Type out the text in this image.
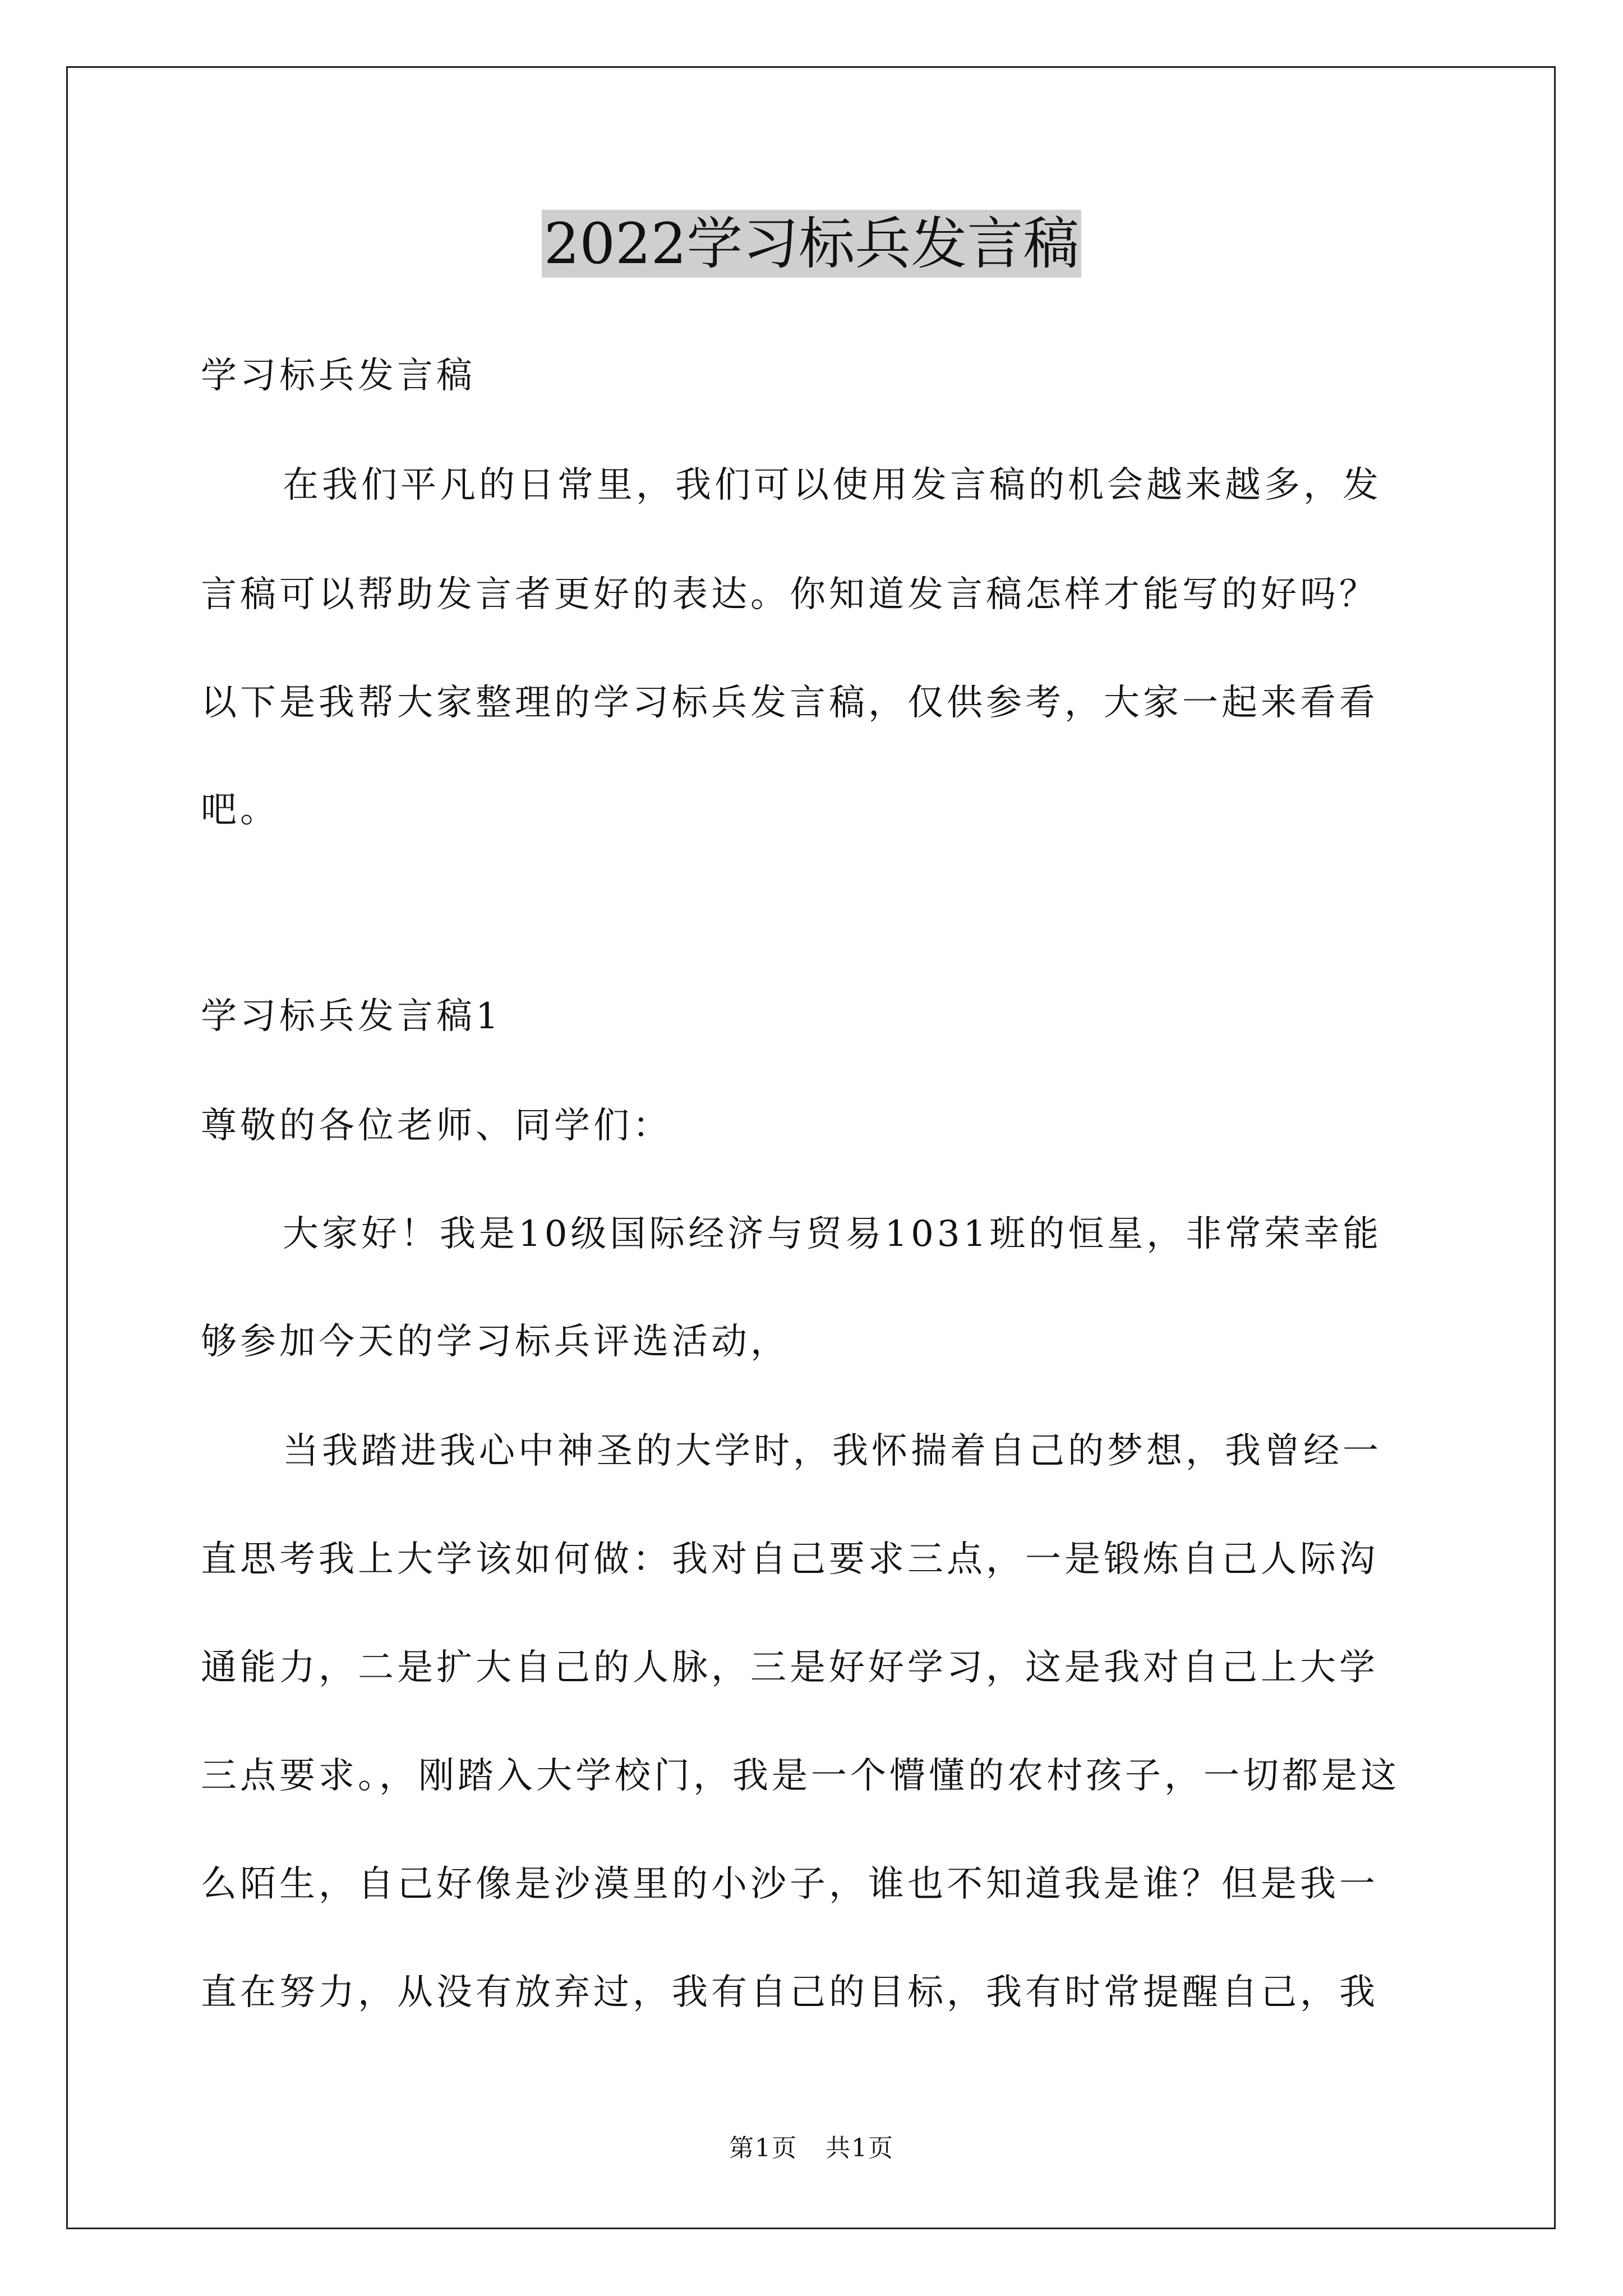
2022学习标兵发言稿
学习标兵发言稿
在我们平凡的日常里，我们可以使用发言稿的机会越来越多，发
言稿可以帮助发言者更好的表达。你知道发言稿怎样才能写的好吗？
以下是我帮大家整理的学习标兵发言稿，仅供参考，大家一起来看看
吧。
学习标兵发言稿1
尊敬的各位老师、同学们：
大家好！我是10级国际经济与贸易1031班的恒星，非常荣幸能
够参加今天的学习标兵评选活动，
当我踏进我心中神圣的大学时，我怀揣着自己的梦想，我曾经一
直思考我上大学该如何做：我对自己要求三点，一是锻炼自己人际沟
通能力，二是扩大自己的人脉，三是好好学习，这是我对自己上大学
三点要求。，刚踏入大学校门，我是一个懵懂的农村孩子，一切都是这
么陌生，自己好像是沙漠里的小沙子，谁也不知道我是谁？但是我一
直在努力，从没有放弃过，我有自己的目标，我有时常提醒自己，我
第1页 共1页
